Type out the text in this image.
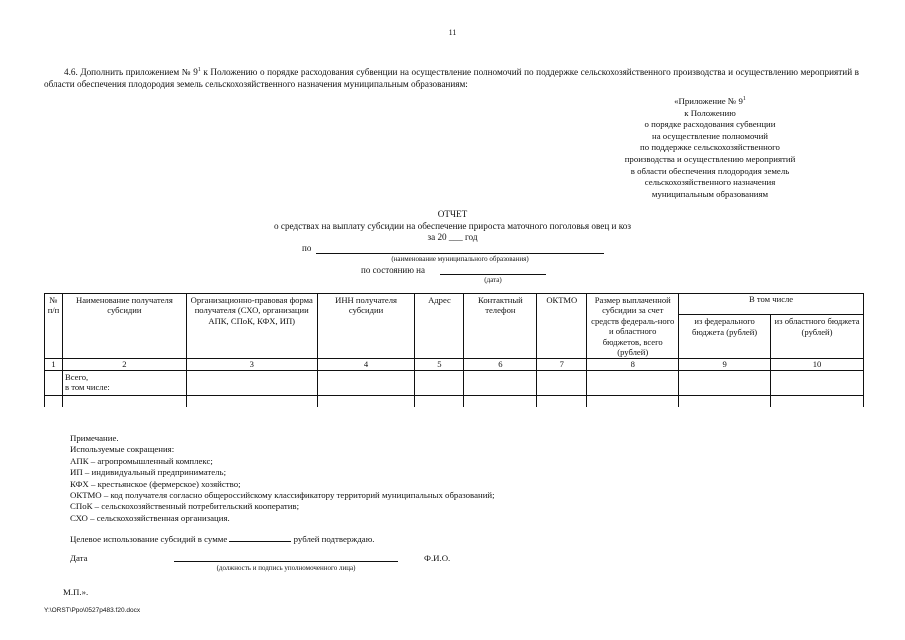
11
4.6. Дополнить приложением № $9^1$ к Положению о порядке расходования субвенции на осуществление полномочий по поддержке сельскохозяйственного производства и осуществлению мероприятий в области обеспечения плодородия земель сельскохозяйственного назначения муниципальным образованиям:
«Приложение № $9^1$
к Положению
о порядке расходования субвенции
на осуществление полномочий
по поддержке сельскохозяйственного
производства и осуществлению мероприятий
в области обеспечения плодородия земель
сельскохозяйственного назначения
муниципальным образованиям
ОТЧЕТ
о средствах на выплату субсидии на обеспечение прироста маточного поголовья овец и коз
за 20 ___ год
по
(наименование муниципального образования)
по состоянию на
(дата)
№ п/п	Наименование получателя субсидии	Организационно-правовая форма получателя (СХО, организации АПК, СПоК, КФХ, ИП)	ИНН получателя субсидии	Адрес	Контактный телефон	ОКТМО	Размер выплаченной субсидии за счет средств федераль-ного и областного бюджетов, всего (рублей)	В том числе	
								из федерального бюджета (рублей)	из областного бюджета (рублей)
1	2	3	4	5	6	7	8	9	10

	Всего,
в том числе:								

Примечание.
Используемые сокращения:
АПК – агропромышленный комплекс;
ИП – индивидуальный предприниматель;
КФХ – крестьянское (фермерское) хозяйство;
ОКТМО – код получателя согласно общероссийскому классификатору территорий муниципальных образований;
СПоК – сельскохозяйственный потребительский кооператив;
СХО – сельскохозяйственная организация.
Целевое использование субсидий в сумме	рублей подтверждаю.
Дата
(должность и подпись уполномоченного лица)
Ф.И.О.
М.П.».
Y:\ORST\Ppo\0527p483.f20.docx
